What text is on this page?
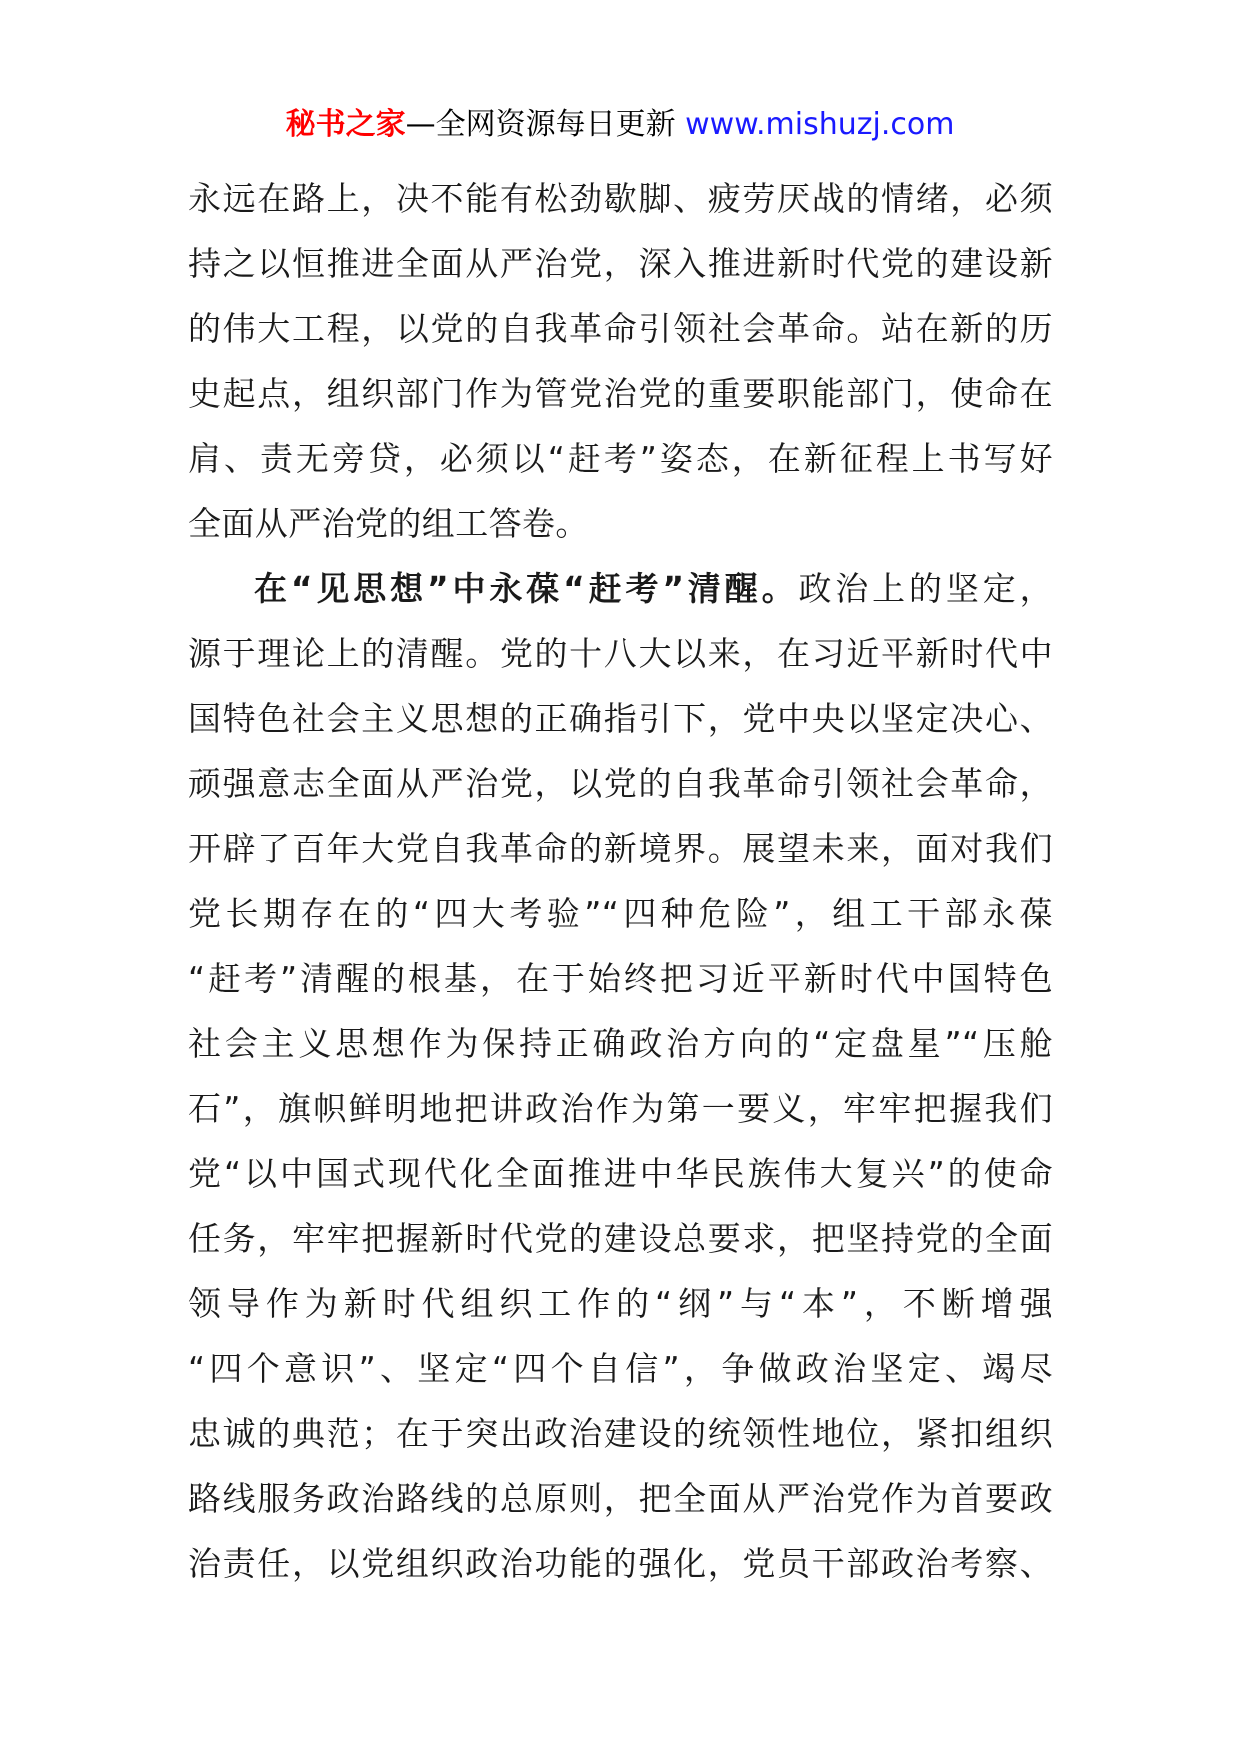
秘书之家—全网资源每日更新 www.mishuzj.com
永远在路上，决不能有松劲歇脚、疲劳厌战的情绪，必须
持之以恒推进全面从严治党，深入推进新时代党的建设新
的伟大工程，以党的自我革命引领社会革命。站在新的历
史起点，组织部门作为管党治党的重要职能部门，使命在
肩、责无旁贷，必须以“赶考”姿态，在新征程上书写好
全面从严治党的组工答卷。
在“见思想”中永葆“赶考”清醒。政治上的坚定，
源于理论上的清醒。党的十八大以来，在习近平新时代中
国特色社会主义思想的正确指引下，党中央以坚定决心、
顽强意志全面从严治党，以党的自我革命引领社会革命，
开辟了百年大党自我革命的新境界。展望未来，面对我们
党长期存在的“四大考验”“四种危险”，组工干部永葆
“赶考”清醒的根基，在于始终把习近平新时代中国特色
社会主义思想作为保持正确政治方向的“定盘星”“压舱
石”，旗帜鲜明地把讲政治作为第一要义，牢牢把握我们
党“以中国式现代化全面推进中华民族伟大复兴”的使命
任务，牢牢把握新时代党的建设总要求，把坚持党的全面
领导作为新时代组织工作的“纲”与“本”，不断增强
“四个意识”、坚定“四个自信”，争做政治坚定、竭尽
忠诚的典范；在于突出政治建设的统领性地位，紧扣组织
路线服务政治路线的总原则，把全面从严治党作为首要政
治责任，以党组织政治功能的强化，党员干部政治考察、
